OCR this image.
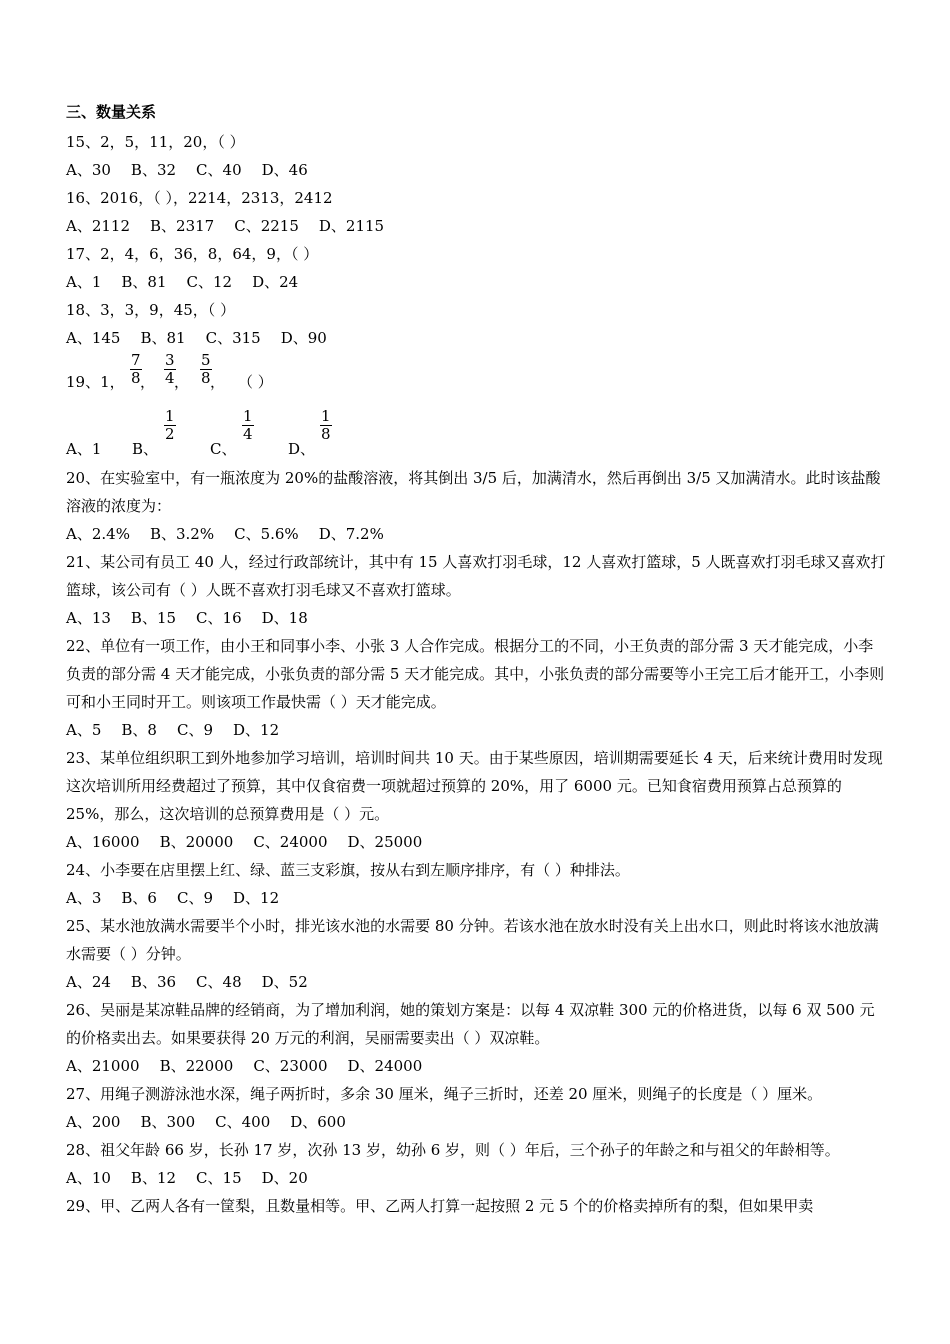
三、数量关系
15、2，5，11，20，（ ）
A、30 B、32 C、40 D、46
16、2016，（ ），2214，2313，2412
A、2112 B、2317 C、2215 D、2115
17、2，4，6，36，8，64，9，（ ）
A、1 B、81 C、12 D、24
18、3，3，9，45，（ ）
A、145 B、81 C、315 D、90
19、1， $\frac{7}{8}$
， $\frac{3}{4}$
， $\frac{5}{8}$
， （ ）
A、1 B、
$\frac{1}{2}$
C、
$\frac{1}{4}$
D、
$\frac{1}{8}$
20、在实验室中，有一瓶浓度为 20%的盐酸溶液，将其倒出 3/5 后，加满清水，然后再倒出 3/5 又加满清水。此时该盐酸溶液的浓度为：
A、2.4% B、3.2% C、5.6% D、7.2%
21、某公司有员工 40 人，经过行政部统计，其中有 15 人喜欢打羽毛球，12 人喜欢打篮球，5 人既喜欢打羽毛球又喜欢打篮球，该公司有（ ）人既不喜欢打羽毛球又不喜欢打篮球。
A、13 B、15 C、16 D、18
22、单位有一项工作，由小王和同事小李、小张 3 人合作完成。根据分工的不同，小王负责的部分需 3 天才能完成，小李负责的部分需 4 天才能完成，小张负责的部分需 5 天才能完成。其中，小张负责的部分需要等小王完工后才能开工，小李则可和小王同时开工。则该项工作最快需（ ）天才能完成。
A、5 B、8 C、9 D、12
23、某单位组织职工到外地参加学习培训，培训时间共 10 天。由于某些原因，培训期需要延长 4 天，后来统计费用时发现这次培训所用经费超过了预算，其中仅食宿费一项就超过预算的 20%，用了 6000 元。已知食宿费用预算占总预算的 25%，那么，这次培训的总预算费用是（ ）元。
A、16000 B、20000 C、24000 D、25000
24、小李要在店里摆上红、绿、蓝三支彩旗，按从右到左顺序排序，有（ ）种排法。
A、3 B、6 C、9 D、12
25、某水池放满水需要半个小时，排光该水池的水需要 80 分钟。若该水池在放水时没有关上出水口，则此时将该水池放满水需要（ ）分钟。
A、24 B、36 C、48 D、52
26、吴丽是某凉鞋品牌的经销商，为了增加利润，她的策划方案是：以每 4 双凉鞋 300 元的价格进货，以每 6 双 500 元的价格卖出去。如果要获得 20 万元的利润，吴丽需要卖出（ ）双凉鞋。
A、21000 B、22000 C、23000 D、24000
27、用绳子测游泳池水深，绳子两折时，多余 30 厘米，绳子三折时，还差 20 厘米，则绳子的长度是（ ）厘米。
A、200 B、300 C、400 D、600
28、祖父年龄 66 岁，长孙 17 岁，次孙 13 岁，幼孙 6 岁，则（ ）年后，三个孙子的年龄之和与祖父的年龄相等。
A、10 B、12 C、15 D、20
29、甲、乙两人各有一筐梨，且数量相等。甲、乙两人打算一起按照 2 元 5 个的价格卖掉所有的梨，但如果甲卖
